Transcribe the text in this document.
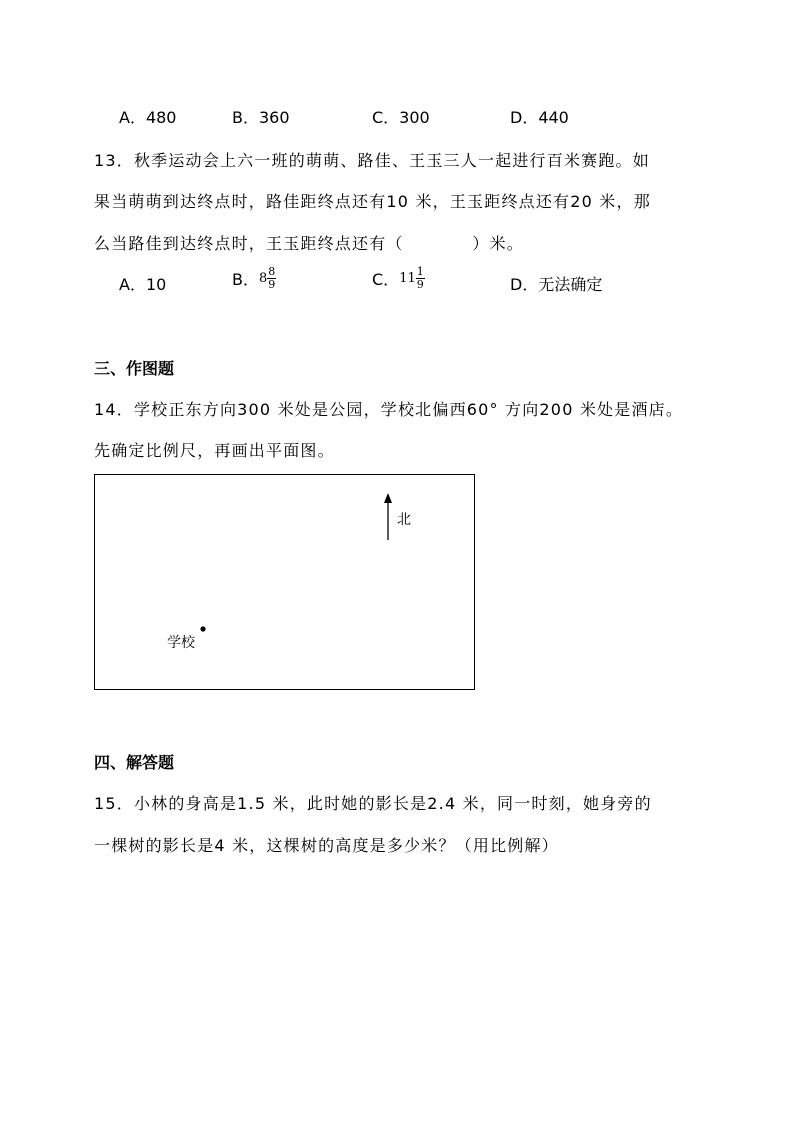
A．480	B．360	C．300	D．440
13．秋季运动会上六一班的萌萌、路佳、王玉三人一起进行百米赛跑。如
果当萌萌到达终点时，路佳距终点还有10 米，王玉距终点还有20 米，那
么当路佳到达终点时，王玉距终点还有（　　　　）米。
A．10	B．$8 \frac{8}{9}$	C．$11 \frac{1}{9}$	D．无法确定
三、作图题
14．学校正东方向300 米处是公园，学校北偏西60° 方向200 米处是酒店。
先确定比例尺，再画出平面图。
北
学校
四、解答题
15．小林的身高是1.5 米，此时她的影长是2.4 米，同一时刻，她身旁的
一棵树的影长是4 米，这棵树的高度是多少米？（用比例解）
